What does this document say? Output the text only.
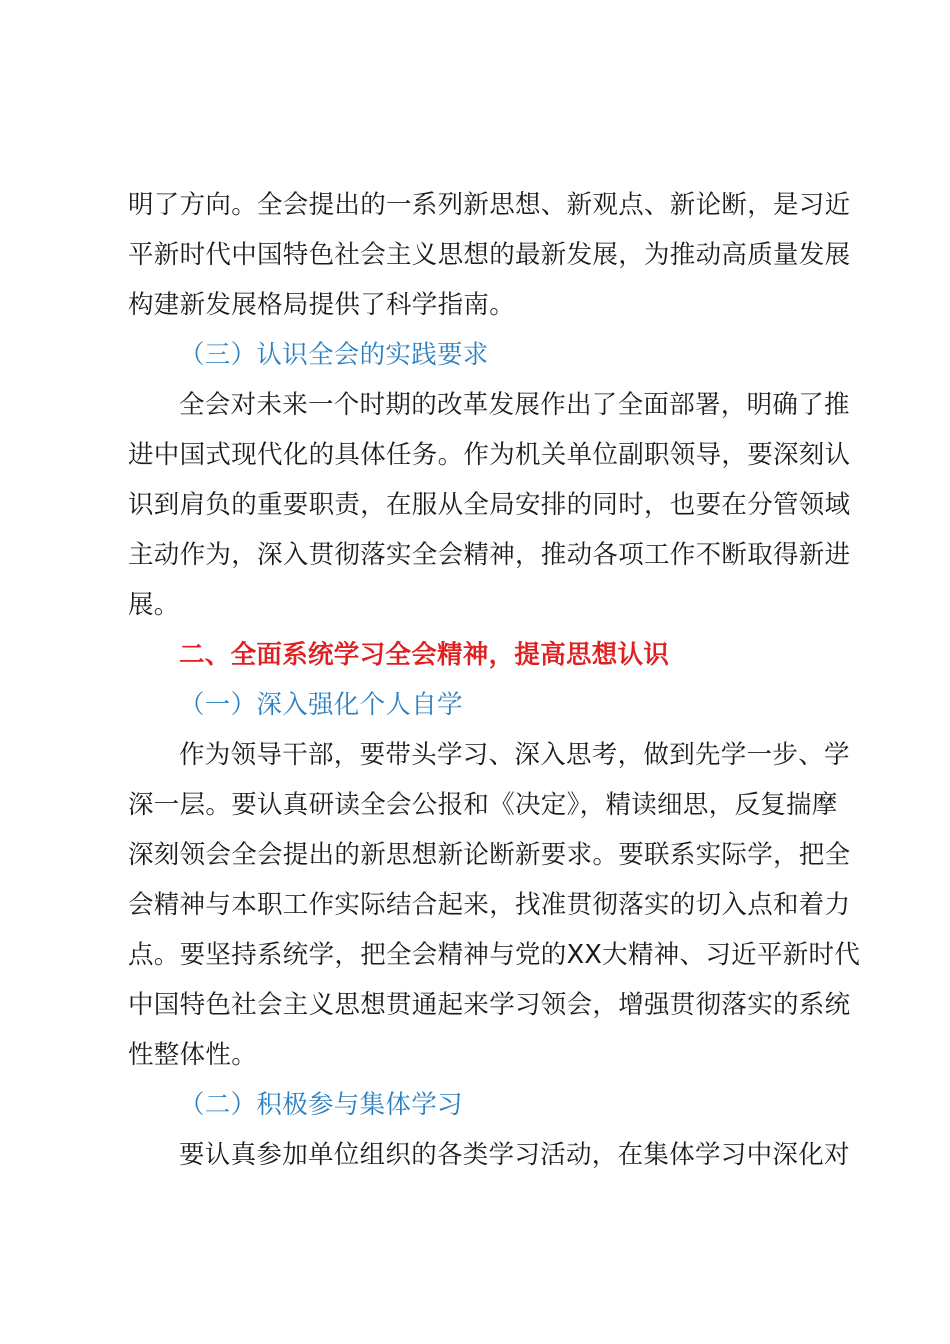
明了方向。全会提出的一系列新思想、新观点、新论断，是习近
平新时代中国特色社会主义思想的最新发展，为推动高质量发展
构建新发展格局提供了科学指南。
（三）认识全会的实践要求
全会对未来一个时期的改革发展作出了全面部署，明确了推
进中国式现代化的具体任务。作为机关单位副职领导，要深刻认
识到肩负的重要职责，在服从全局安排的同时，也要在分管领域
主动作为，深入贯彻落实全会精神，推动各项工作不断取得新进
展。
二、全面系统学习全会精神，提高思想认识
（一）深入强化个人自学
作为领导干部，要带头学习、深入思考，做到先学一步、学
深一层。要认真研读全会公报和《决定》，精读细思，反复揣摩
深刻领会全会提出的新思想新论断新要求。要联系实际学，把全
会精神与本职工作实际结合起来，找准贯彻落实的切入点和着力
点。要坚持系统学，把全会精神与党的XX大精神、习近平新时代
中国特色社会主义思想贯通起来学习领会，增强贯彻落实的系统
性整体性。
（二）积极参与集体学习
要认真参加单位组织的各类学习活动，在集体学习中深化对
